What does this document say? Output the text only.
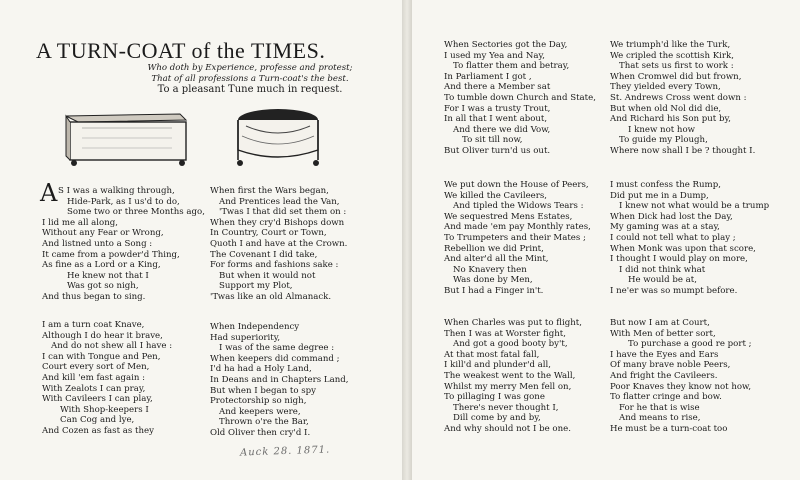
A TURN-COAT of the TIMES.
Who doth by Experience, professe and protest;
That of all professions a Turn-coat's the best.
To a pleasant Tune much in request.
A S I was a walking through,
Hide-Park, as I us'd to do,
Some two or three Months ago,
I lid me all along,
Without any Fear or Wrong,
And listned unto a Song :
It came from a powder'd Thing,
As fine as a Lord or a King,
He knew not that I
Was got so nigh,
And thus began to sing.
When first the Wars began,
And Prentices lead the Van,
'Twas I that did set them on :
When they cry'd Bishops down
In Country, Court or Town,
Quoth I and have at the Crown.
The Covenant I did take,
For forms and fashions sake :
But when it would not
Support my Plot,
'Twas like an old Almanack.
I am a turn coat Knave,
Although I do hear it brave,
And do not shew all I have :
I can with Tongue and Pen,
Court every sort of Men,
And kill 'em fast again :
With Zealots I can pray,
With Cavileers I can play,
With Shop-keepers I
Can Cog and lye,
And Cozen as fast as they
When Independency
Had superiority,
I was of the same degree :
When keepers did command ;
I'd ha had a Holy Land,
In Deans and in Chapters Land,
But when I began to spy
Protectorship so nigh,
And keepers were,
Thrown o're the Bar,
Old Oliver then cry'd I.
Auck 28. 1871.
When Sectories got the Day,
I used my Yea and Nay,
To flatter them and betray,
In Parliament I got ,
And there a Member sat
To tumble down Church and State,
For I was a trusty Trout,
In all that I went about,
And there we did Vow,
To sit till now,
But Oliver turn'd us out.
We triumph'd like the Turk,
We cripled the scottish Kirk,
That sets us first to work :
When Cromwel did but frown,
They yielded every Town,
St. Andrews Cross went down :
But when old Nol did die,
And Richard his Son put by,
I knew not how
To guide my Plough,
Where now shall I be ? thought I.
We put down the House of Peers,
We killed the Cavileers,
And tipled the Widows Tears :
We sequestred Mens Estates,
And made 'em pay Monthly rates,
To Trumpeters and their Mates ;
Rebellion we did Print,
And alter'd all the Mint,
No Knavery then
Was done by Men,
But I had a Finger in't.
I must confess the Rump,
Did put me in a Dump,
I knew not what would be a trump
When Dick had lost the Day,
My gaming was at a stay,
I could not tell what to play ;
When Monk was upon that score,
I thought I would play on more,
I did not think what
He would be at,
I ne'er was so mumpt before.
When Charles was put to flight,
Then I was at Worster fight,
And got a good booty by't,
At that most fatal fall,
I kill'd and plunder'd all,
The weakest went to the Wall,
Whilst my merry Men fell on,
To pillaging I was gone
There's never thought I,
Dill come by and by,
And why should not I be one.
But now I am at Court,
With Men of better sort,
To purchase a good re port ;
I have the Eyes and Ears
Of many brave noble Peers,
And fright the Cavileers.
Poor Knaves they know not how,
To flatter cringe and bow.
For he that is wise
And means to rise,
He must be a turn-coat too
